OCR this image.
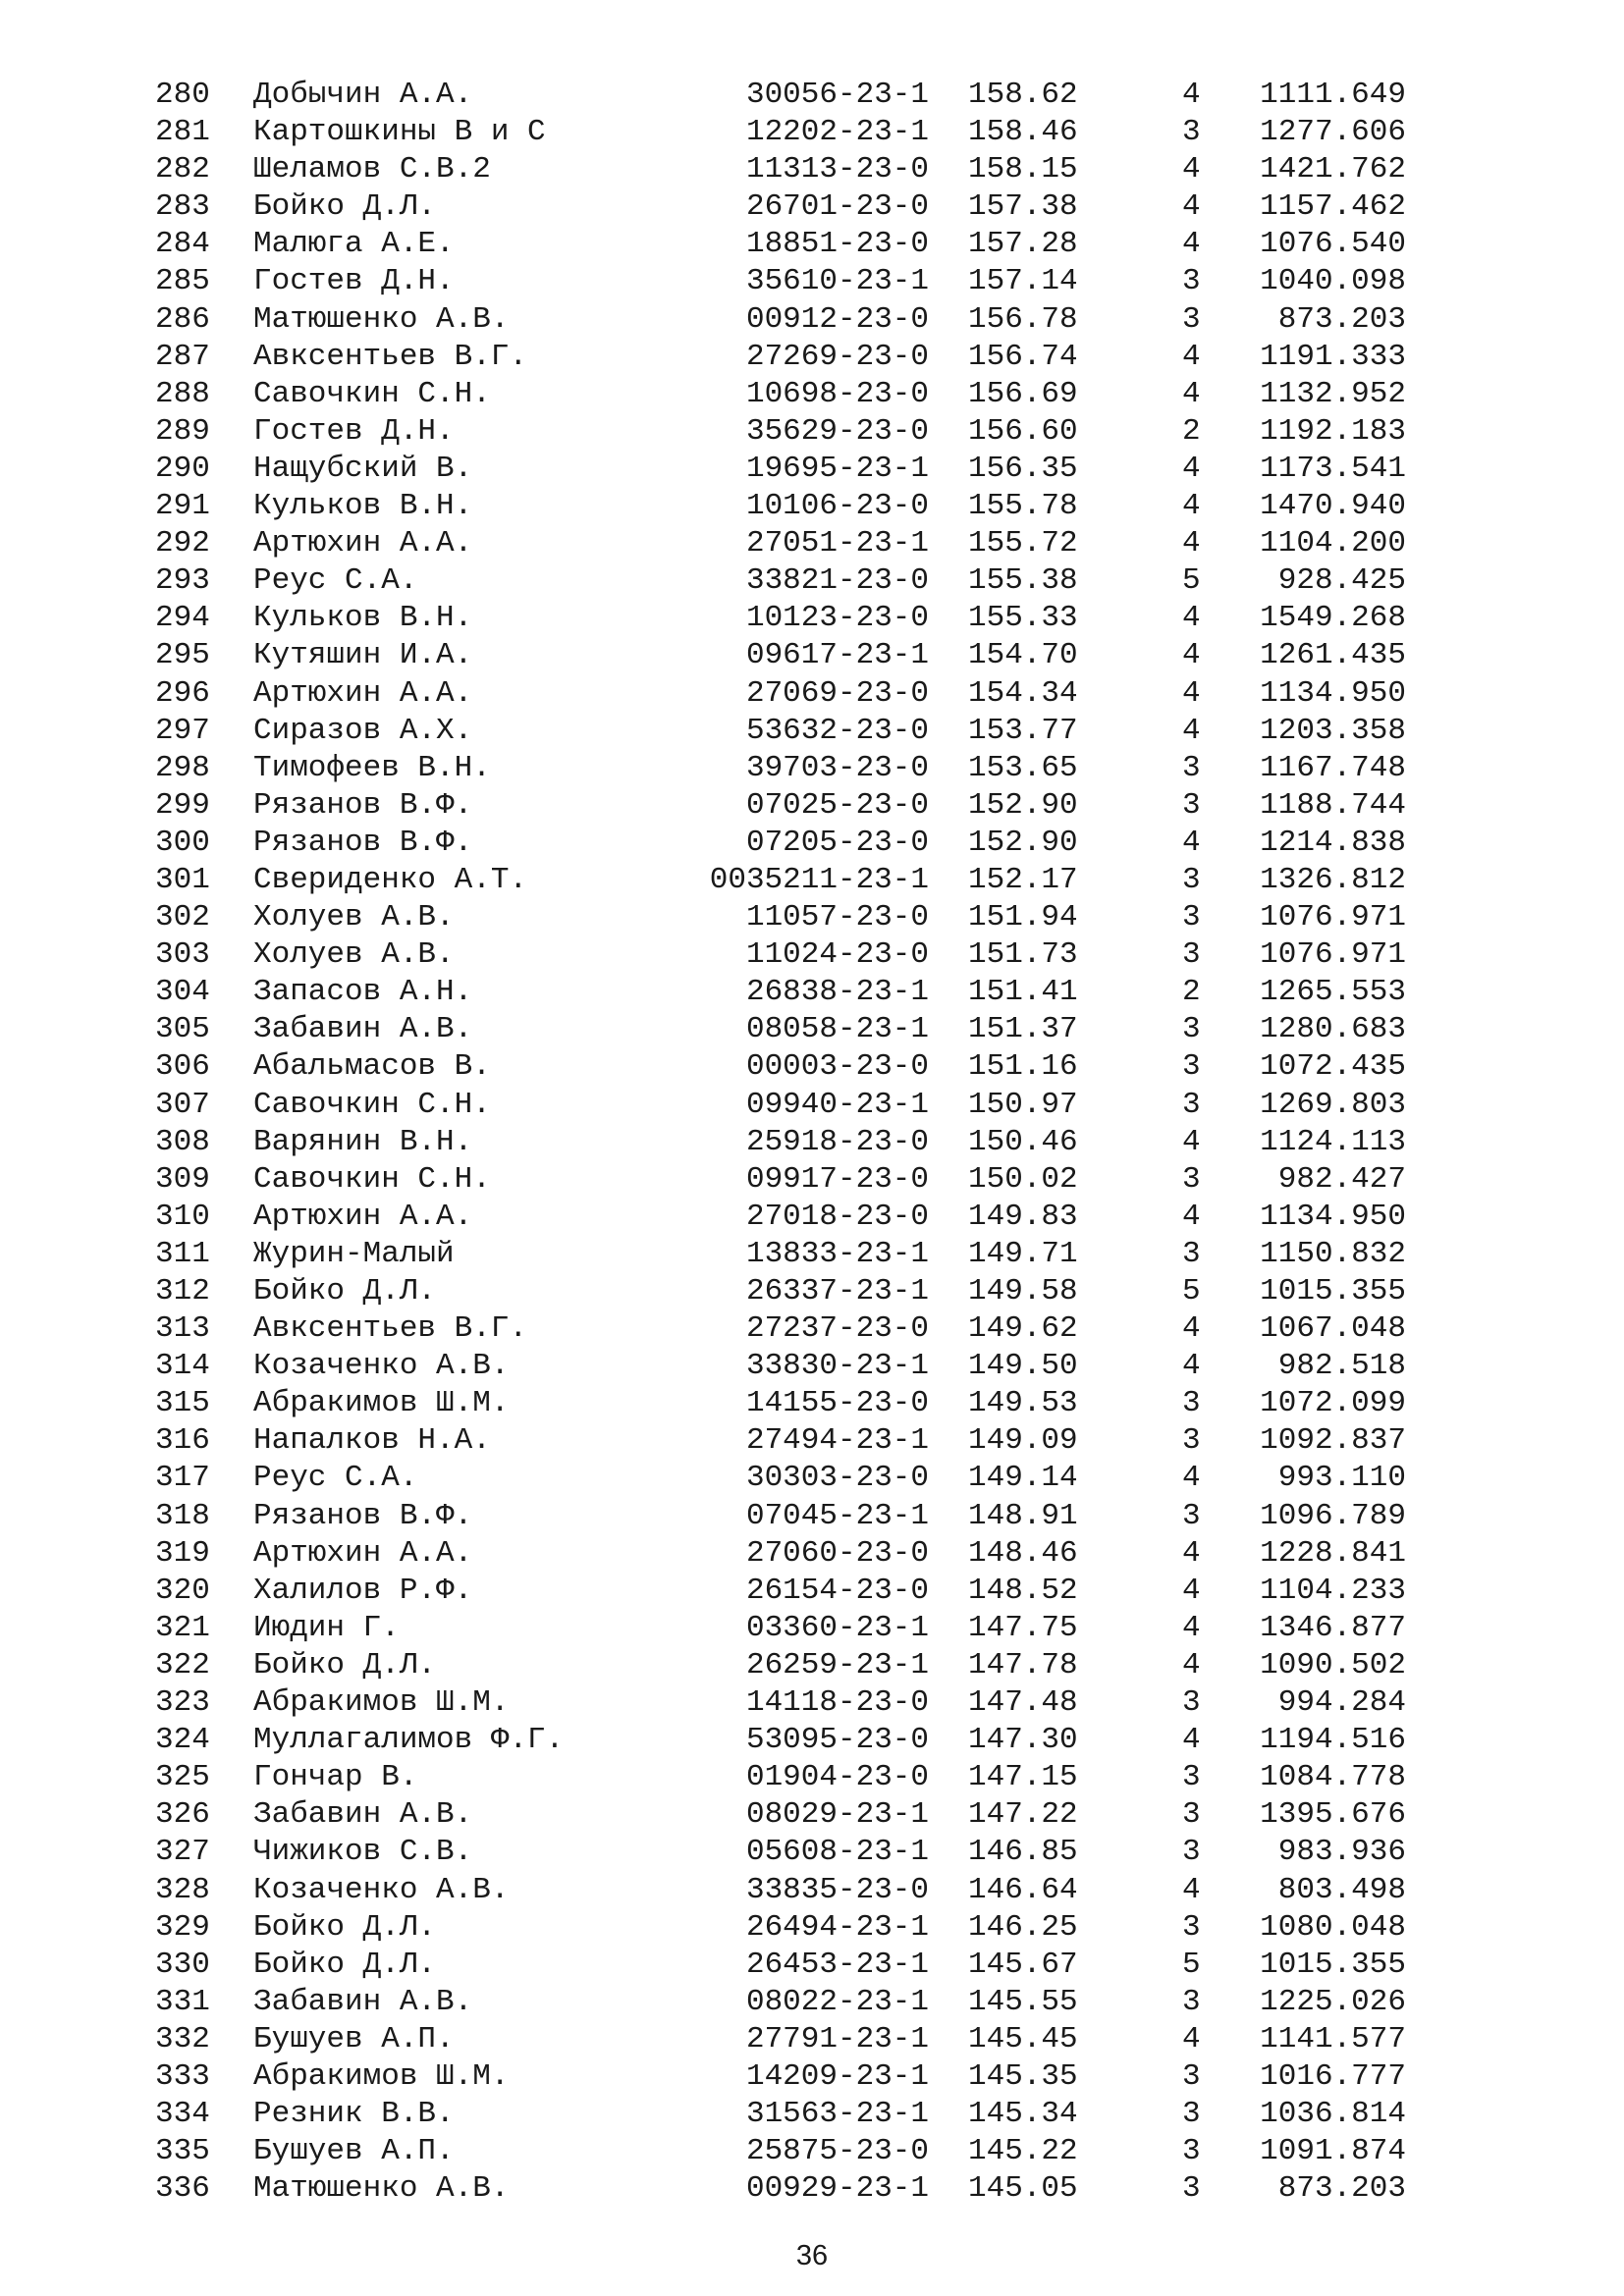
280	Добычин А.А.	30056-23-1 158.62	4 1111.649
281	Картошкины В и С	12202-23-1 158.46	3 1277.606
282	Шеламов С.В.2	11313-23-0 158.15	4 1421.762
283	Бойко Д.Л.	26701-23-0 157.38	4 1157.462
284	Малюга А.Е.	18851-23-0 157.28	4 1076.540
285	Гостев Д.Н.	35610-23-1 157.14	3 1040.098
286	Матюшенко А.В.	00912-23-0 156.78	3	873.203
287	Авксентьев В.Г.	27269-23-0 156.74	4 1191.333
288	Савочкин С.Н.	10698-23-0 156.69	4 1132.952
289	Гостев Д.Н.	35629-23-0 156.60	2 1192.183
290	Нащубский В.	19695-23-1 156.35	4 1173.541
291	Кульков В.Н.	10106-23-0 155.78	4 1470.940
292	Артюхин А.А.	27051-23-1 155.72	4 1104.200
293	Реус С.А.	33821-23-0 155.38	5	928.425
294	Кульков В.Н.	10123-23-0 155.33	4 1549.268
295	Кутяшин И.А.	09617-23-1 154.70	4 1261.435
296	Артюхин А.А.	27069-23-0 154.34	4 1134.950
297	Сиразов А.Х.	53632-23-0 153.77	4 1203.358
298	Тимофеев В.Н.	39703-23-0 153.65	3 1167.748
299	Рязанов В.Ф.	07025-23-0 152.90	3 1188.744
300	Рязанов В.Ф.	07205-23-0 152.90	4 1214.838
301	Свериденко А.Т.	0035211-23-1 152.17	3 1326.812
302	Холуев А.В.	11057-23-0 151.94	3 1076.971
303	Холуев А.В.	11024-23-0 151.73	3 1076.971
304	Запасов А.Н.	26838-23-1 151.41	2 1265.553
305	Забавин А.В.	08058-23-1 151.37	3 1280.683
306	Абальмасов В.	00003-23-0 151.16	3 1072.435
307	Савочкин С.Н.	09940-23-1 150.97	3 1269.803
308	Варянин В.Н.	25918-23-0 150.46	4 1124.113
309	Савочкин С.Н.	09917-23-0 150.02	3	982.427
310	Артюхин А.А.	27018-23-0 149.83	4 1134.950
311	Журин-Малый	13833-23-1 149.71	3 1150.832
312	Бойко Д.Л.	26337-23-1 149.58	5 1015.355
313	Авксентьев В.Г.	27237-23-0 149.62	4 1067.048
314	Козаченко А.В.	33830-23-1 149.50	4	982.518
315	Абракимов Ш.М.	14155-23-0 149.53	3 1072.099
316	Напалков Н.А.	27494-23-1 149.09	3 1092.837
317	Реус С.А.	30303-23-0 149.14	4	993.110
318	Рязанов В.Ф.	07045-23-1 148.91	3 1096.789
319	Артюхин А.А.	27060-23-0 148.46	4 1228.841
320	Халилов Р.Ф.	26154-23-0 148.52	4 1104.233
321	Июдин Г.	03360-23-1 147.75	4 1346.877
322	Бойко Д.Л.	26259-23-1 147.78	4 1090.502
323	Абракимов Ш.М.	14118-23-0 147.48	3	994.284
324	Муллагалимов Ф.Г.	53095-23-0 147.30	4 1194.516
325	Гончар В.	01904-23-0 147.15	3 1084.778
326	Забавин А.В.	08029-23-1 147.22	3 1395.676
327	Чижиков С.В.	05608-23-1 146.85	3	983.936
328	Козаченко А.В.	33835-23-0 146.64	4	803.498
329	Бойко Д.Л.	26494-23-1 146.25	3 1080.048
330	Бойко Д.Л.	26453-23-1 145.67	5 1015.355
331	Забавин А.В.	08022-23-1 145.55	3 1225.026
332	Бушуев А.П.	27791-23-1 145.45	4 1141.577
333	Абракимов Ш.М.	14209-23-1 145.35	3 1016.777
334	Резник В.В.	31563-23-1 145.34	3 1036.814
335	Бушуев А.П.	25875-23-0 145.22	3 1091.874
336	Матюшенко А.В.	00929-23-1 145.05	3	873.203
36
